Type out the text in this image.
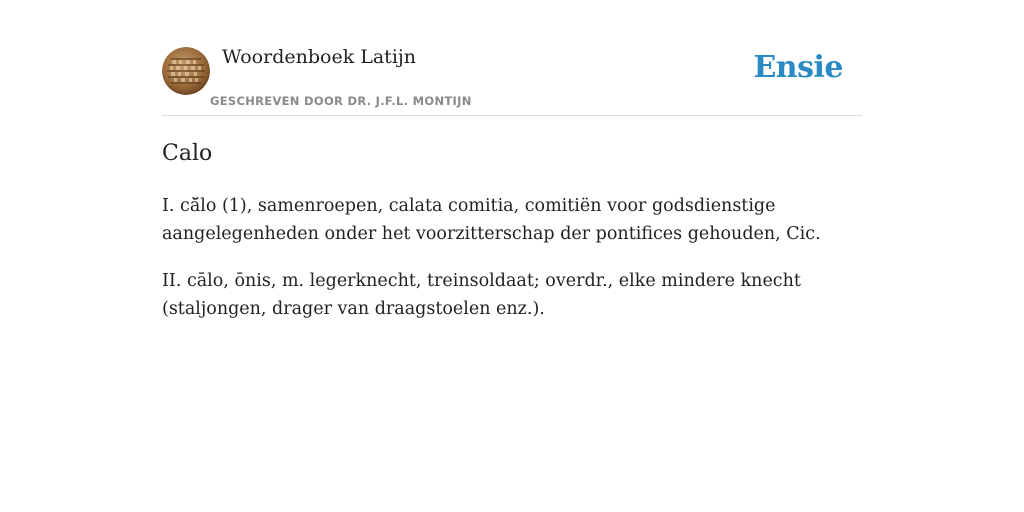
Woordenboek Latijn
GESCHREVEN DOOR DR. J.F.L. MONTIJN
Ensie
Calo

I. că̆lo (1), samenroepen, calata comitia, comitiën voor godsdienstige aangelegenheden onder het voorzitterschap der pontifices gehouden, Cic.

II. cālo, ōnis, m. legerknecht, treinsoldaat; overdr., elke mindere knecht (staljongen, drager van draagstoelen enz.).
